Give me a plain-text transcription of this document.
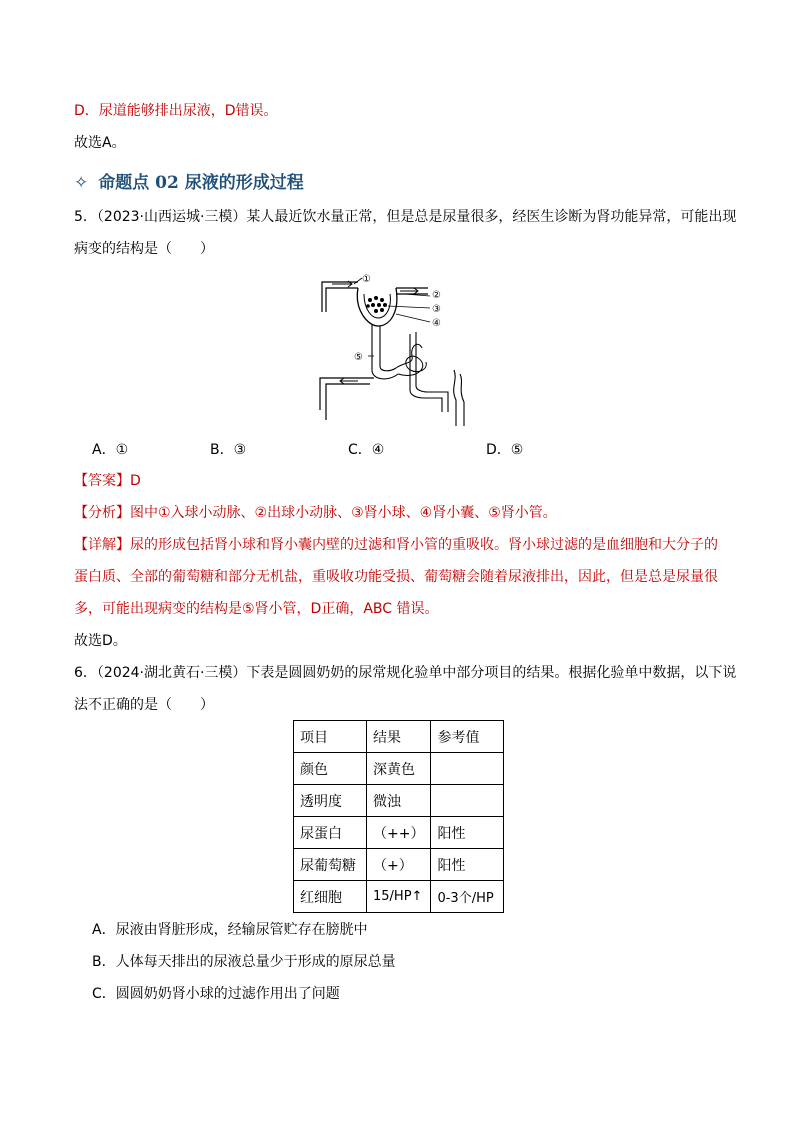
D．尿道能够排出尿液，D错误。
故选A。
✧ 命题点 02 尿液的形成过程
5．（2023·山西运城·三模）某人最近饮水量正常，但是总是尿量很多，经医生诊断为肾功能异常，可能出现
病变的结构是（　　）
①
②
③
④
⑤
A．①	B．③	C．④	D．⑤
【答案】D
【分析】图中①入球小动脉、②出球小动脉、③肾小球、④肾小囊、⑤肾小管。
【详解】尿的形成包括肾小球和肾小囊内壁的过滤和肾小管的重吸收。肾小球过滤的是血细胞和大分子的
蛋白质、全部的葡萄糖和部分无机盐，重吸收功能受损、葡萄糖会随着尿液排出，因此，但是总是尿量很
多，可能出现病变的结构是⑤肾小管，D正确，ABC 错误。
故选D。
6．（2024·湖北黄石·三模）下表是圆圆奶奶的尿常规化验单中部分项目的结果。根据化验单中数据，以下说
法不正确的是（　　）
项目	结果	参考值
颜色	深黄色	
透明度	微浊	
尿蛋白	（++）	阳性
尿葡萄糖	（+）	阳性
红细胞	15/HP↑	0-3个/HP
A．尿液由肾脏形成，经输尿管贮存在膀胱中
B．人体每天排出的尿液总量少于形成的原尿总量
C．圆圆奶奶肾小球的过滤作用出了问题
